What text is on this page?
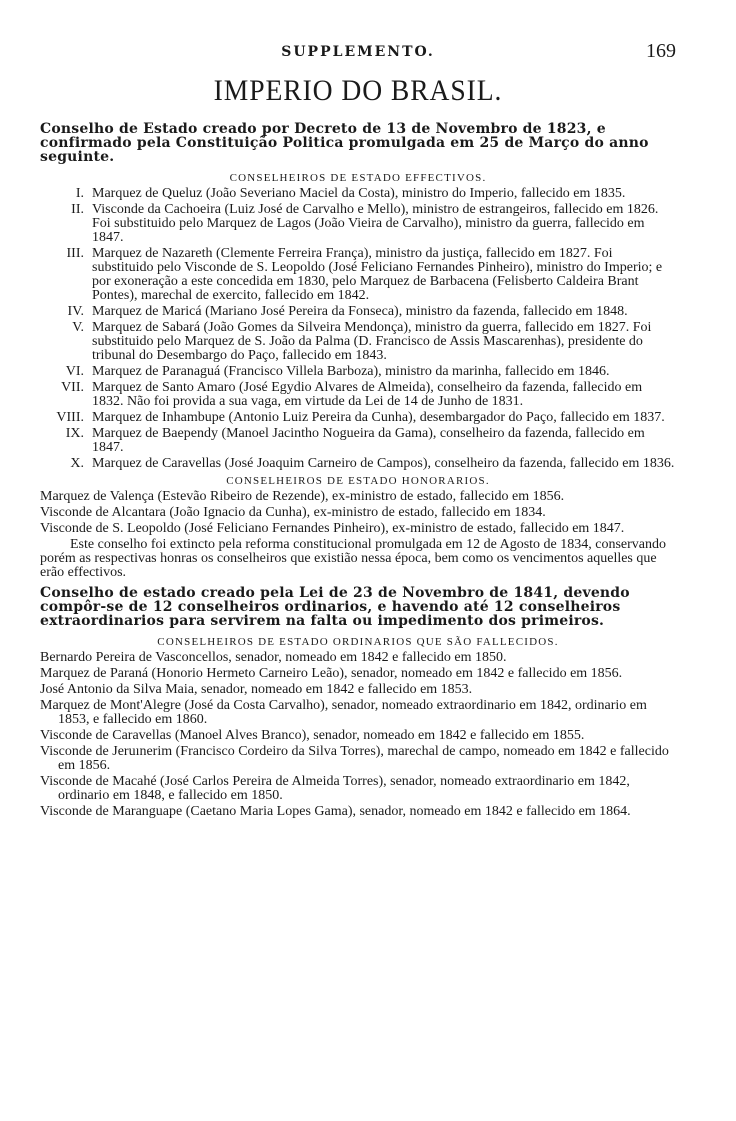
SUPPLEMENTO.	169
IMPERIO DO BRASIL.

Conselho de Estado creado por Decreto de 13 de Novembro de 1823, e confirmado pela Constituição Politica promulgada em 25 de Março do anno seguinte.

CONSELHEIROS DE ESTADO EFFECTIVOS.
I. Marquez de Queluz (João Severiano Maciel da Costa), ministro do Imperio, fallecido em 1835.
II. Visconde da Cachoeira (Luiz José de Carvalho e Mello), ministro de estrangeiros, fallecido em 1826. Foi substituido pelo Marquez de Lagos (João Vieira de Carvalho), ministro da guerra, fallecido em 1847.
III. Marquez de Nazareth (Clemente Ferreira França), ministro da justiça, fallecido em 1827. Foi substituido pelo Visconde de S. Leopoldo (José Feliciano Fernandes Pinheiro), ministro do Imperio; e por exoneração a este concedida em 1830, pelo Marquez de Barbacena (Felisberto Caldeira Brant Pontes), marechal de exercito, fallecido em 1842.
IV. Marquez de Maricá (Mariano José Pereira da Fonseca), ministro da fazenda, fallecido em 1848.
V. Marquez de Sabará (João Gomes da Silveira Mendonça), ministro da guerra, fallecido em 1827. Foi substituido pelo Marquez de S. João da Palma (D. Francisco de Assis Mascarenhas), presidente do tribunal do Desembargo do Paço, fallecido em 1843.
VI. Marquez de Paranaguá (Francisco Villela Barboza), ministro da marinha, fallecido em 1846.
VII. Marquez de Santo Amaro (José Egydio Alvares de Almeida), conselheiro da fazenda, fallecido em 1832. Não foi provida a sua vaga, em virtude da Lei de 14 de Junho de 1831.
VIII. Marquez de Inhambupe (Antonio Luiz Pereira da Cunha), desembargador do Paço, fallecido em 1837.
IX. Marquez de Baependy (Manoel Jacintho Nogueira da Gama), conselheiro da fazenda, fallecido em 1847.
X. Marquez de Caravellas (José Joaquim Carneiro de Campos), conselheiro da fazenda, fallecido em 1836.
CONSELHEIROS DE ESTADO HONORARIOS.
Marquez de Valença (Estevão Ribeiro de Rezende), ex-ministro de estado, fallecido em 1856.
Visconde de Alcantara (João Ignacio da Cunha), ex-ministro de estado, fallecido em 1834.
Visconde de S. Leopoldo (José Feliciano Fernandes Pinheiro), ex-ministro de estado, fallecido em 1847.

Este conselho foi extincto pela reforma constitucional promulgada em 12 de Agosto de 1834, conservando porém as respectivas honras os conselheiros que existião nessa época, bem como os vencimentos aquelles que erão effectivos.

Conselho de estado creado pela Lei de 23 de Novembro de 1841, devendo compôr-se de 12 conselheiros ordinarios, e havendo até 12 conselheiros extraordinarios para servirem na falta ou impedimento dos primeiros.

CONSELHEIROS DE ESTADO ORDINARIOS QUE SÃO FALLECIDOS.
Bernardo Pereira de Vasconcellos, senador, nomeado em 1842 e fallecido em 1850.
Marquez de Paraná (Honorio Hermeto Carneiro Leão), senador, nomeado em 1842 e fallecido em 1856.
José Antonio da Silva Maia, senador, nomeado em 1842 e fallecido em 1853.
Marquez de Mont'Alegre (José da Costa Carvalho), senador, nomeado extraordinario em 1842, ordinario em 1853, e fallecido em 1860.
Visconde de Caravellas (Manoel Alves Branco), senador, nomeado em 1842 e fallecido em 1855.
Visconde de Jeruınerim (Francisco Cordeiro da Silva Torres), marechal de campo, nomeado em 1842 e fallecido em 1856.
Visconde de Macahé (José Carlos Pereira de Almeida Torres), senador, nomeado extraordinario em 1842, ordinario em 1848, e fallecido em 1850.
Visconde de Maranguape (Caetano Maria Lopes Gama), senador, nomeado em 1842 e fallecido em 1864.
